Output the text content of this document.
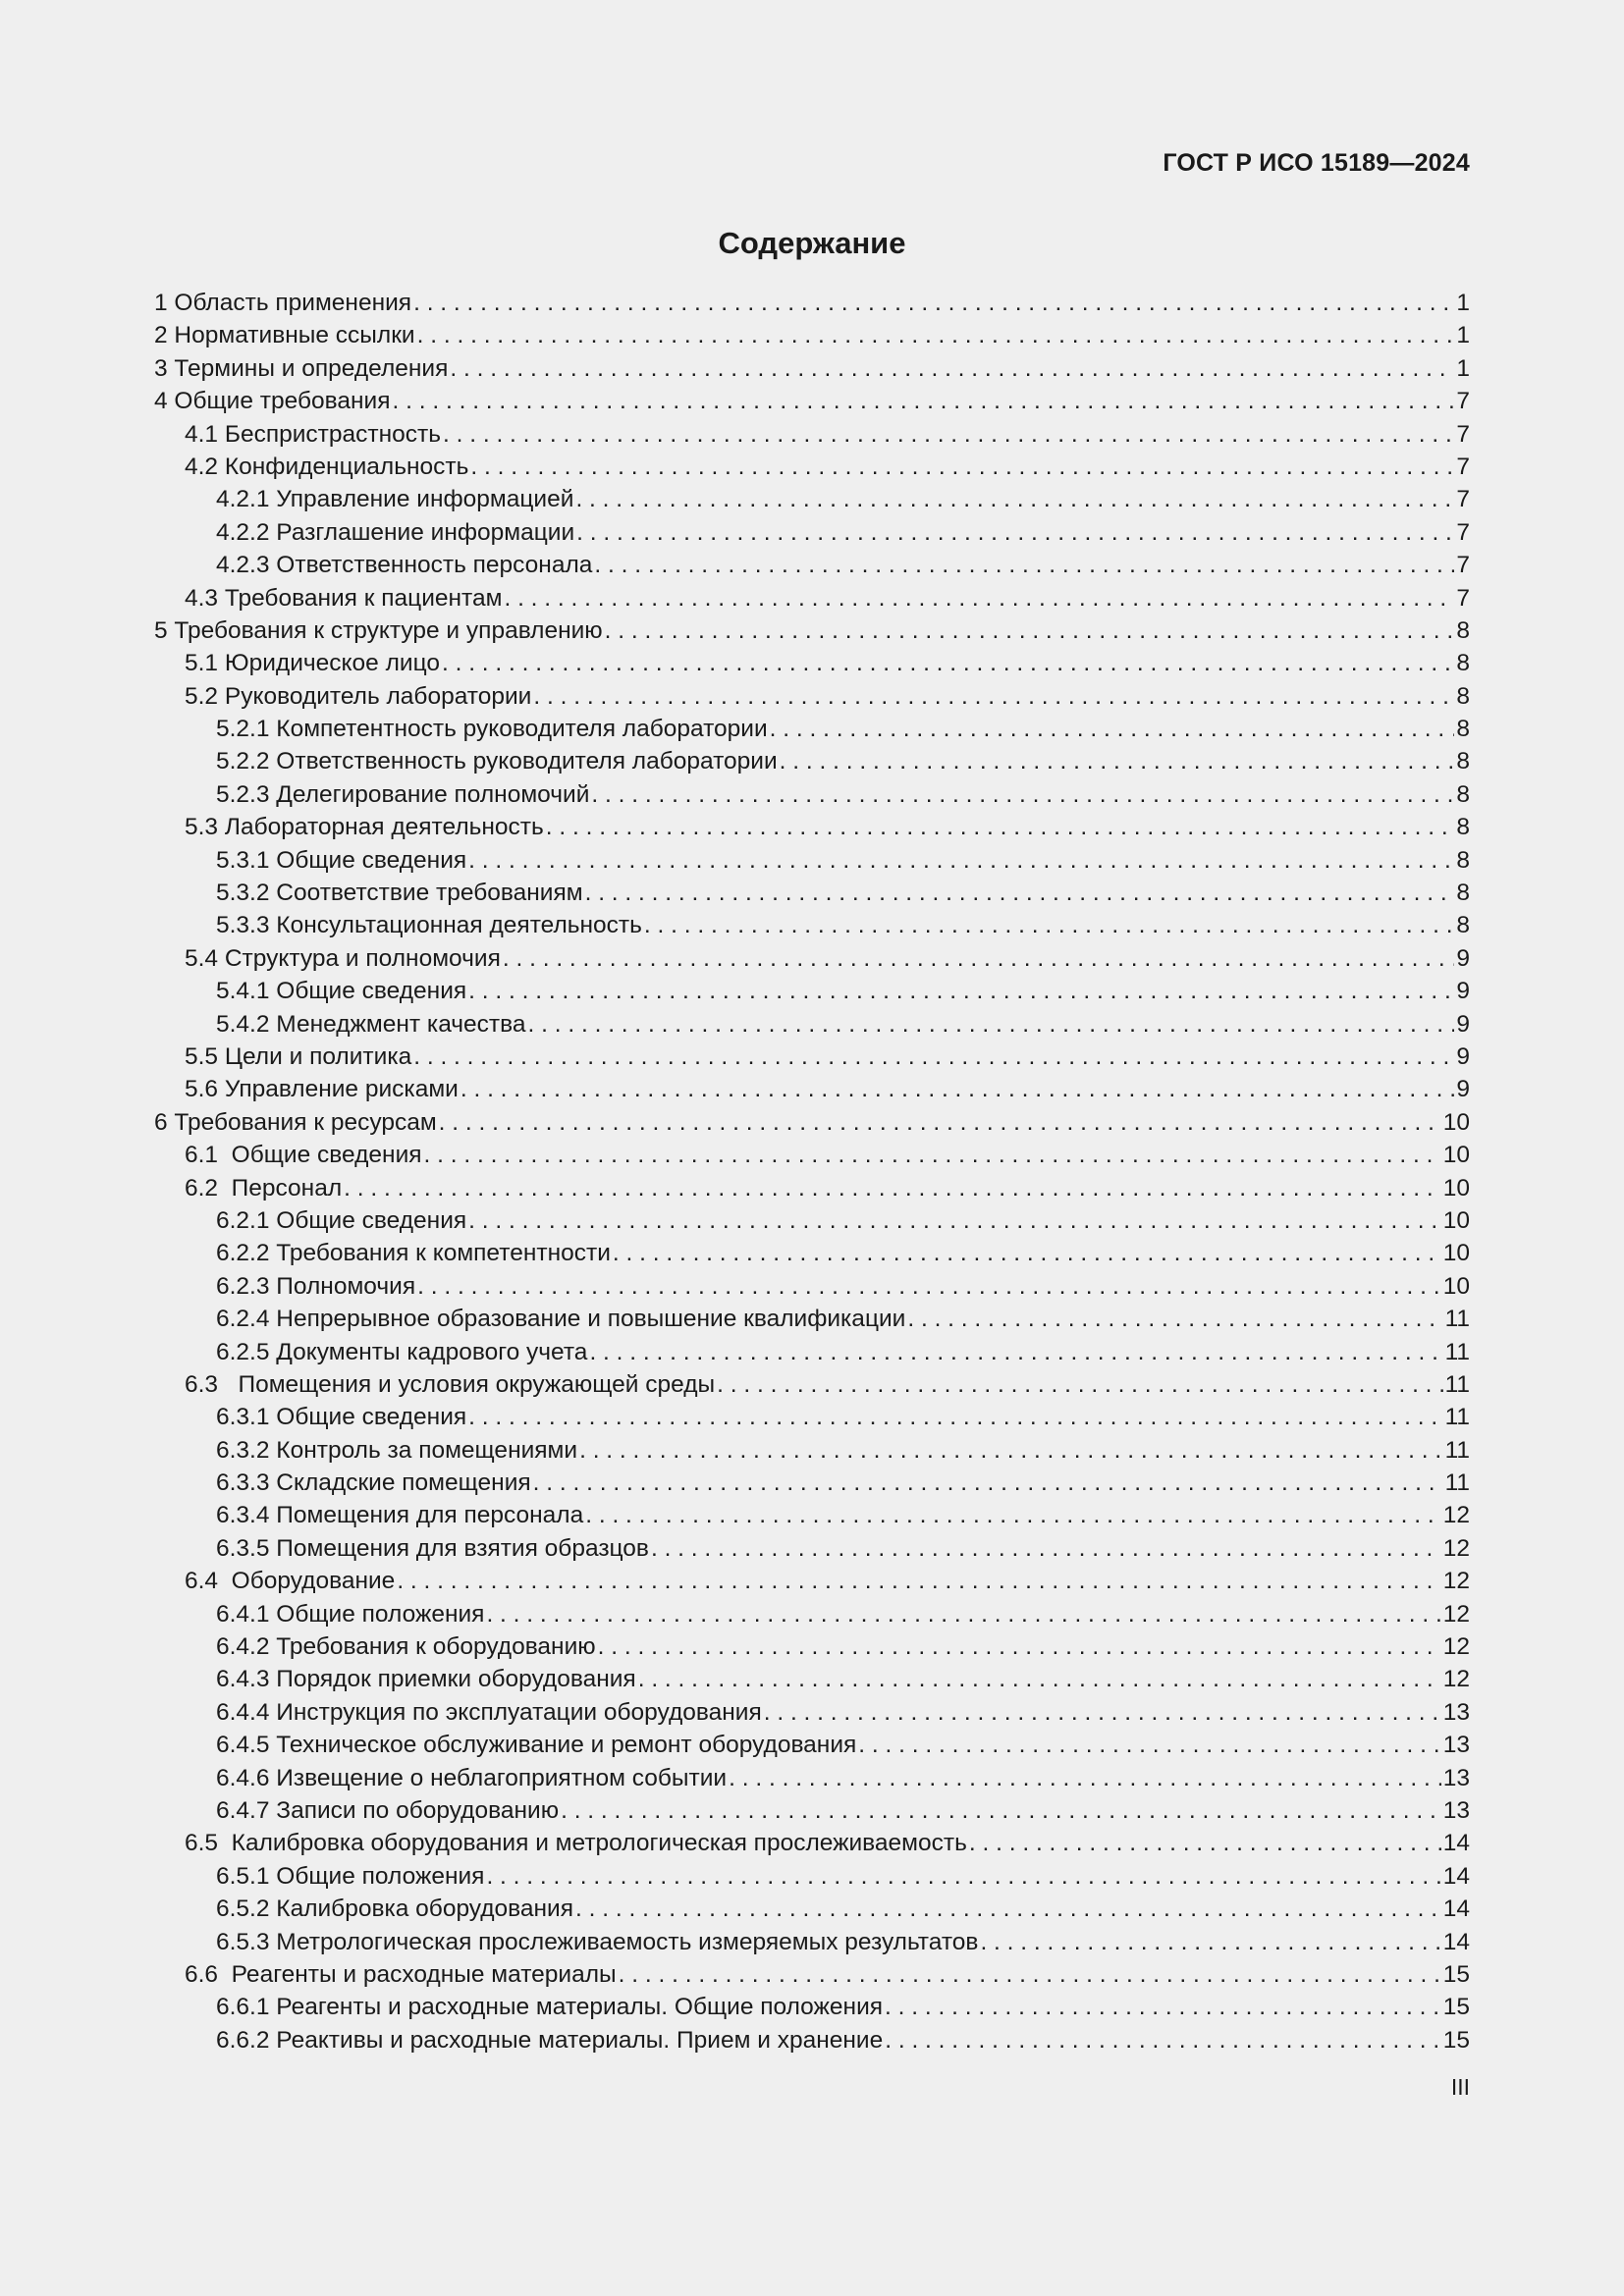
ГОСТ Р ИСО 15189—2024
Содержание
1 Область применения . . .	1
2 Нормативные ссылки . . .	1
3 Термины и определения . . .	1
4 Общие требования . . .	7
4.1 Беспристрастность . . .	7
4.2 Конфиденциальность . . .	7
4.2.1 Управление информацией . . .	7
4.2.2 Разглашение информации . . .	7
4.2.3 Ответственность персонала . . .	7
4.3 Требования к пациентам . . .	7
5 Требования к структуре и управлению . . .	8
5.1 Юридическое лицо . . .	8
5.2 Руководитель лаборатории . . .	8
5.2.1 Компетентность руководителя лаборатории . . .	8
5.2.2 Ответственность руководителя лаборатории . . .	8
5.2.3 Делегирование полномочий . . .	8
5.3 Лабораторная деятельность . . .	8
5.3.1 Общие сведения . . .	8
5.3.2 Соответствие требованиям . . .	8
5.3.3 Консультационная деятельность . . .	8
5.4 Структура и полномочия . . .	9
5.4.1 Общие сведения . . .	9
5.4.2 Менеджмент качества . . .	9
5.5 Цели и политика . . .	9
5.6 Управление рисками . . .	9
6 Требования к ресурсам . . .	10
6.1  Общие сведения . . .	10
6.2  Персонал . . .	10
6.2.1 Общие сведения . . .	10
6.2.2 Требования к компетентности . . .	10
6.2.3 Полномочия . . .	10
6.2.4 Непрерывное образование и повышение квалификации . . .	11
6.2.5 Документы кадрового учета . . .	11
6.3   Помещения и условия окружающей среды . . .	11
6.3.1 Общие сведения . . .	11
6.3.2 Контроль за помещениями . . .	11
6.3.3 Складские помещения . . .	11
6.3.4 Помещения для персонала . . .	12
6.3.5 Помещения для взятия образцов . . .	12
6.4  Оборудование . . .	12
6.4.1 Общие положения . . .	12
6.4.2 Требования к оборудованию . . .	12
6.4.3 Порядок приемки оборудования . . .	12
6.4.4 Инструкция по эксплуатации оборудования . . .	13
6.4.5 Техническое обслуживание и ремонт оборудования . . .	13
6.4.6 Извещение о неблагоприятном событии . . .	13
6.4.7 Записи по оборудованию . . .	13
6.5  Калибровка оборудования и метрологическая прослеживаемость . . .	14
6.5.1 Общие положения . . .	14
6.5.2 Калибровка оборудования . . .	14
6.5.3 Метрологическая прослеживаемость измеряемых результатов . . .	14
6.6  Реагенты и расходные материалы . . .	15
6.6.1 Реагенты и расходные материалы. Общие положения . . .	15
6.6.2 Реактивы и расходные материалы. Прием и хранение . . .	15
III
